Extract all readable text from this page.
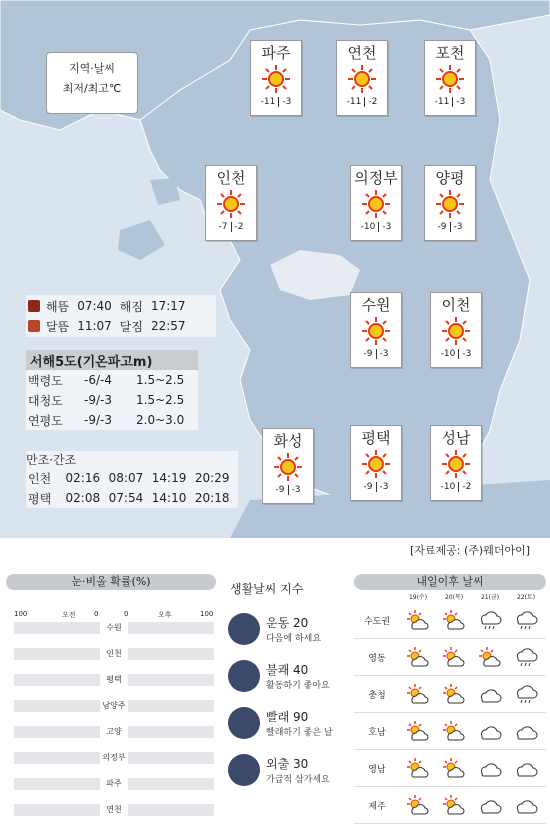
지역·날씨
최저/최고℃
파주
-11 -3
연천
-11 -2
포천
-11 -3
인천
-7 -2
의정부
-10 -3
양평
-9 -3
수원
-9 -3
이천
-10 -3
화성
-9 -3
평택
-9 -3
성남
-10 -2
해뜸 07:40 해짐 17:17
달뜸 11:07 달짐 22:57
서해5도(기온파고m)
백령도	-6/-4	1.5~2.5
대청도	-9/-3	1.5~2.5
연평도	-9/-3	2.0~3.0
만조·간조
인천	02:16 08:07 14:19 20:29
평택	02:08 07:54 14:10 20:18
[자료제공: (주)웨더아이]
눈·비올 확률(%)
100	오전	0	0	오후	100
수원
인천
평택
남양주
고양
의정부
파주
연천
생활날씨 지수
운동 20
다음에 하세요
불쾌 40
활동하기 좋아요
빨래 90
빨래하기 좋은 날
외출 30
가급적 삼가세요
내일이후 날씨
19(수)	20(목)	21(금)	22(토)
수도권
영동
충청
호남
영남
제주
